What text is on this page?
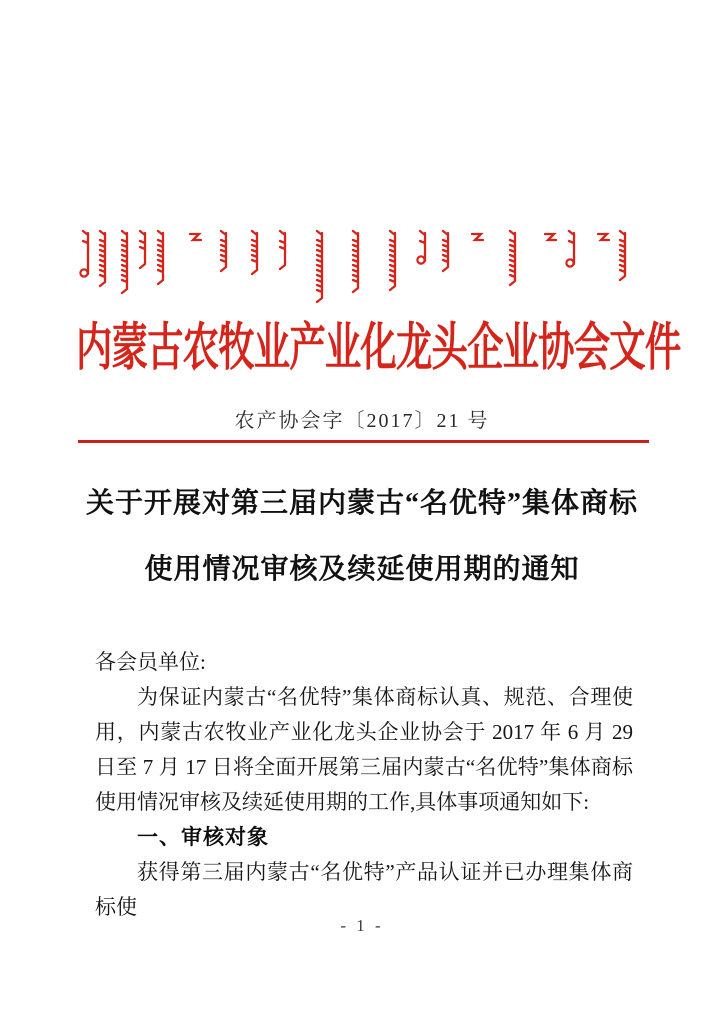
内蒙古农牧业产业化龙头企业协会文件
农产协会字〔2017〕21 号
关于开展对第三届内蒙古“名优特”集体商标
使用情况审核及续延使用期的通知

各会员单位:

为保证内蒙古“名优特”集体商标认真、规范、合理使用，内蒙古农牧业产业化龙头企业协会于 2017 年 6 月 29 日至 7 月 17 日将全面开展第三届内蒙古“名优特”集体商标使用情况审核及续延使用期的工作,具体事项通知如下:

一、审核对象

获得第三届内蒙古“名优特”产品认证并已办理集体商标使

- 1 -
